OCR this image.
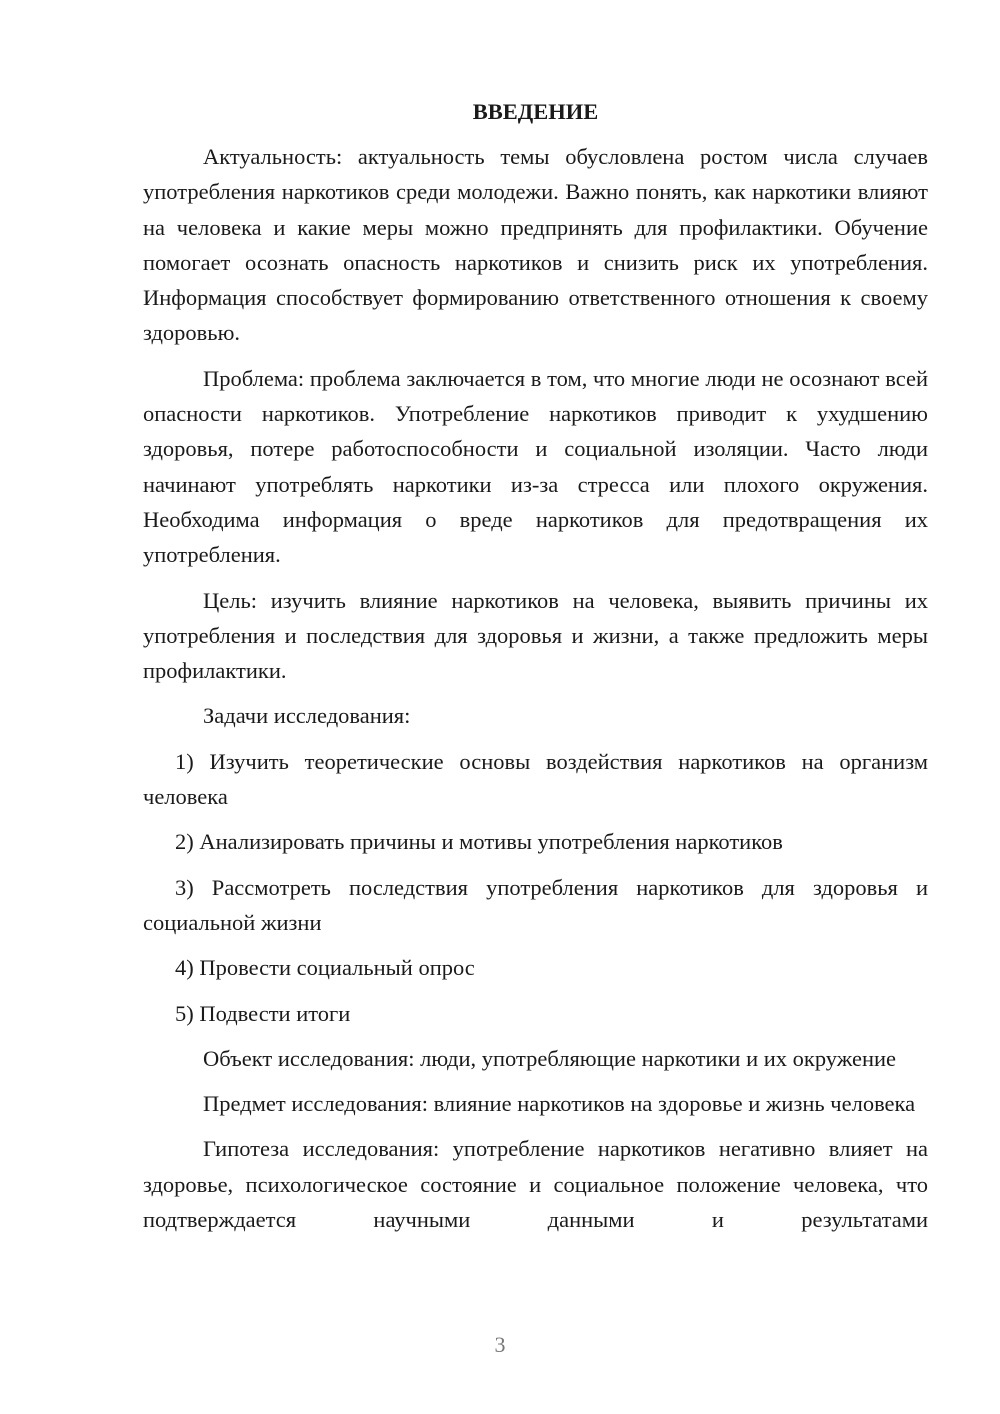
ВВЕДЕНИЕ

Актуальность: актуальность темы обусловлена ростом числа случаев употребления наркотиков среди молодежи. Важно понять, как наркотики влияют на человека и какие меры можно предпринять для профилактики. Обучение помогает осознать опасность наркотиков и снизить риск их употребления. Информация способствует формированию ответственного отношения к своему здоровью.

Проблема: проблема заключается в том, что многие люди не осознают всей опасности наркотиков. Употребление наркотиков приводит к ухудшению здоровья, потере работоспособности и социальной изоляции. Часто люди начинают употреблять наркотики из-за стресса или плохого окружения. Необходима информация о вреде наркотиков для предотвращения их употребления.

Цель: изучить влияние наркотиков на человека, выявить причины их употребления и последствия для здоровья и жизни, а также предложить меры профилактики.

Задачи исследования:

1) Изучить теоретические основы воздействия наркотиков на организм человека

2) Анализировать причины и мотивы употребления наркотиков

3) Рассмотреть последствия употребления наркотиков для здоровья и социальной жизни

4) Провести социальный опрос

5) Подвести итоги

Объект исследования: люди, употребляющие наркотики и их окружение

Предмет исследования: влияние наркотиков на здоровье и жизнь человека

Гипотеза исследования: употребление наркотиков негативно влияет на здоровье, психологическое состояние и социальное положение человека, что подтверждается научными данными и результатами

3
